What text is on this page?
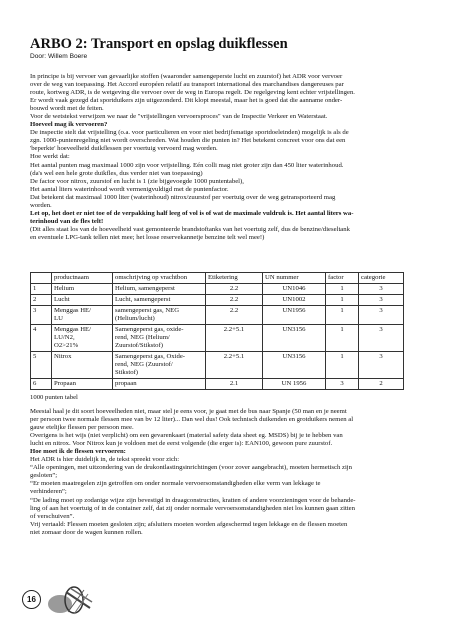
ARBO 2: Transport en opslag duikflessen
Door: Willem Boere

In principe is bij vervoer van gevaarlijke stoffen (waaronder samengeperste lucht en zuurstof) het ADR voor vervoer

over de weg van toepassing. Het Accord européen relatif au transport international des marchandises dangereuses par

route, kortweg ADR, is de wetgeving die vervoer over de weg in Europa regelt. De regelgeving kent echter vrijstellingen.

Er wordt vaak gezegd dat sportduikers zijn uitgezonderd. Dit klopt meestal, maar het is goed dat die aanname onder-

bouwd wordt met de feiten.

Voor de wetstekst verwijzen we naar de "vrijstellingen vervoersproces" van de Inspectie Verkeer en Waterstaat.

Hoeveel mag ik vervoeren?

De inspectie stelt dat vrijstelling (o.a. voor particulieren en voor niet bedrijfsmatige sportdoeleinden) mogelijk is als de

zgn. 1000-puntenregeling niet wordt overschreden. Wat houden die punten in? Het betekent concreet voor ons dat een

'beperkte' hoeveelheid duikflessen per voertuig vervoerd mag worden.

Hoe werkt dat:

Het aantal punten mag maximaal 1000 zijn voor vrijstelling. Eén colli mag niet groter zijn dan 450 liter waterinhoud.

(da's wel een hele grote duikfles, dus verder niet van toepassing)

De factor voor nitrox, zuurstof en lucht is 1 (zie bijgevoegde 1000 puntentabel),

Het aantal liters waterinhoud wordt vermenigvuldigd met de puntenfactor.

Dat betekent dat maximaal 1000 liter (waterinhoud) nitrox/zuurstof per voertuig over de weg getransporteerd mag

worden.

Let op, het doet er niet toe of de verpakking half leeg of vol is of wat de maximale vuldruk is. Het aantal liters wa-

terinhoud van de fles telt!

(Dit alles staat los van de hoeveelheid vast gemonteerde brandstoftanks van het voertuig zelf, dus de benzine/dieseltank

en eventuele LPG-tank tellen niet mee; het losse reservekannetje benzine telt wel mee!)

	productnaam	omschrijving op vrachtbon	Etiketering	UN nummer	factor	categorie
1	Helium	Helium, samengeperst	2.2	UN1046	1	3
2	Lucht	Lucht, samengeperst	2.2	UN1002	1	3
3	Menggas HE/
LU	samengeperst gas, NEG
(Helium/lucht)	2.2	UN1956	1	3
4	Menggas HE/
LU/N2,
O2>21%	Samengeperst gas, oxide-
rend, NEG (Helium/
Zuurstof/Stikstof)	2.2+5.1	UN3156	1	3
5	Nitrox	Samengeperst gas, Oxide-
rend, NEG (Zuurstof/
Stikstof)	2.2+5.1	UN3156	1	3
6	Propaan	propaan	2.1	UN 1956	3	2
1000 punten tabel

Meestal haal je dit soort hoeveelheden niet, maar stel je eens voor, je gaat met de bus naar Spanje (50 man en je neemt

per persoon twee normale flessen mee van bv 12 liter)... Dan wel dus! Ook technisch duikenden en grotduikers nemen al

gauw etelijke flessen per persoon mee.

Overigens is het wijs (niet verplicht) om een gevarenkaart (material safety data sheet eg. MSDS) bij je te hebben van

lucht en nitrox. Voor Nitrox kun je voldoen met de eerst volgende (die erger is): EAN100, gewoon pure zuurstof.

Hoe moet ik de flessen vervoeren:

Het ADR is hier duidelijk in, de tekst spreekt voor zich:

“Alle openingen, met uitzondering van de drukontlastingsinrichtingen (voor zover aangebracht), moeten hermetisch zijn

gesloten”;

“Er moeten maatregelen zijn getroffen om onder normale vervoersomstandigheden elke verm van lekkage te

verhinderen”;

“De lading moet op zodanige wijze zijn bevestigd in draagconstructies, kratten of andere voorzieningen voor de behande-

ling of aan het voertuig of in de container zelf, dat zij onder normale vervoersomstandigheden niet los kunnen gaan zitten

of verschuiven”.

Vrij vertaald: Flessen moeten gesloten zijn; afsluiters moeten worden afgeschermd tegen lekkage en de flessen moeten

niet zomaar door de wagen kunnen rollen.

16
